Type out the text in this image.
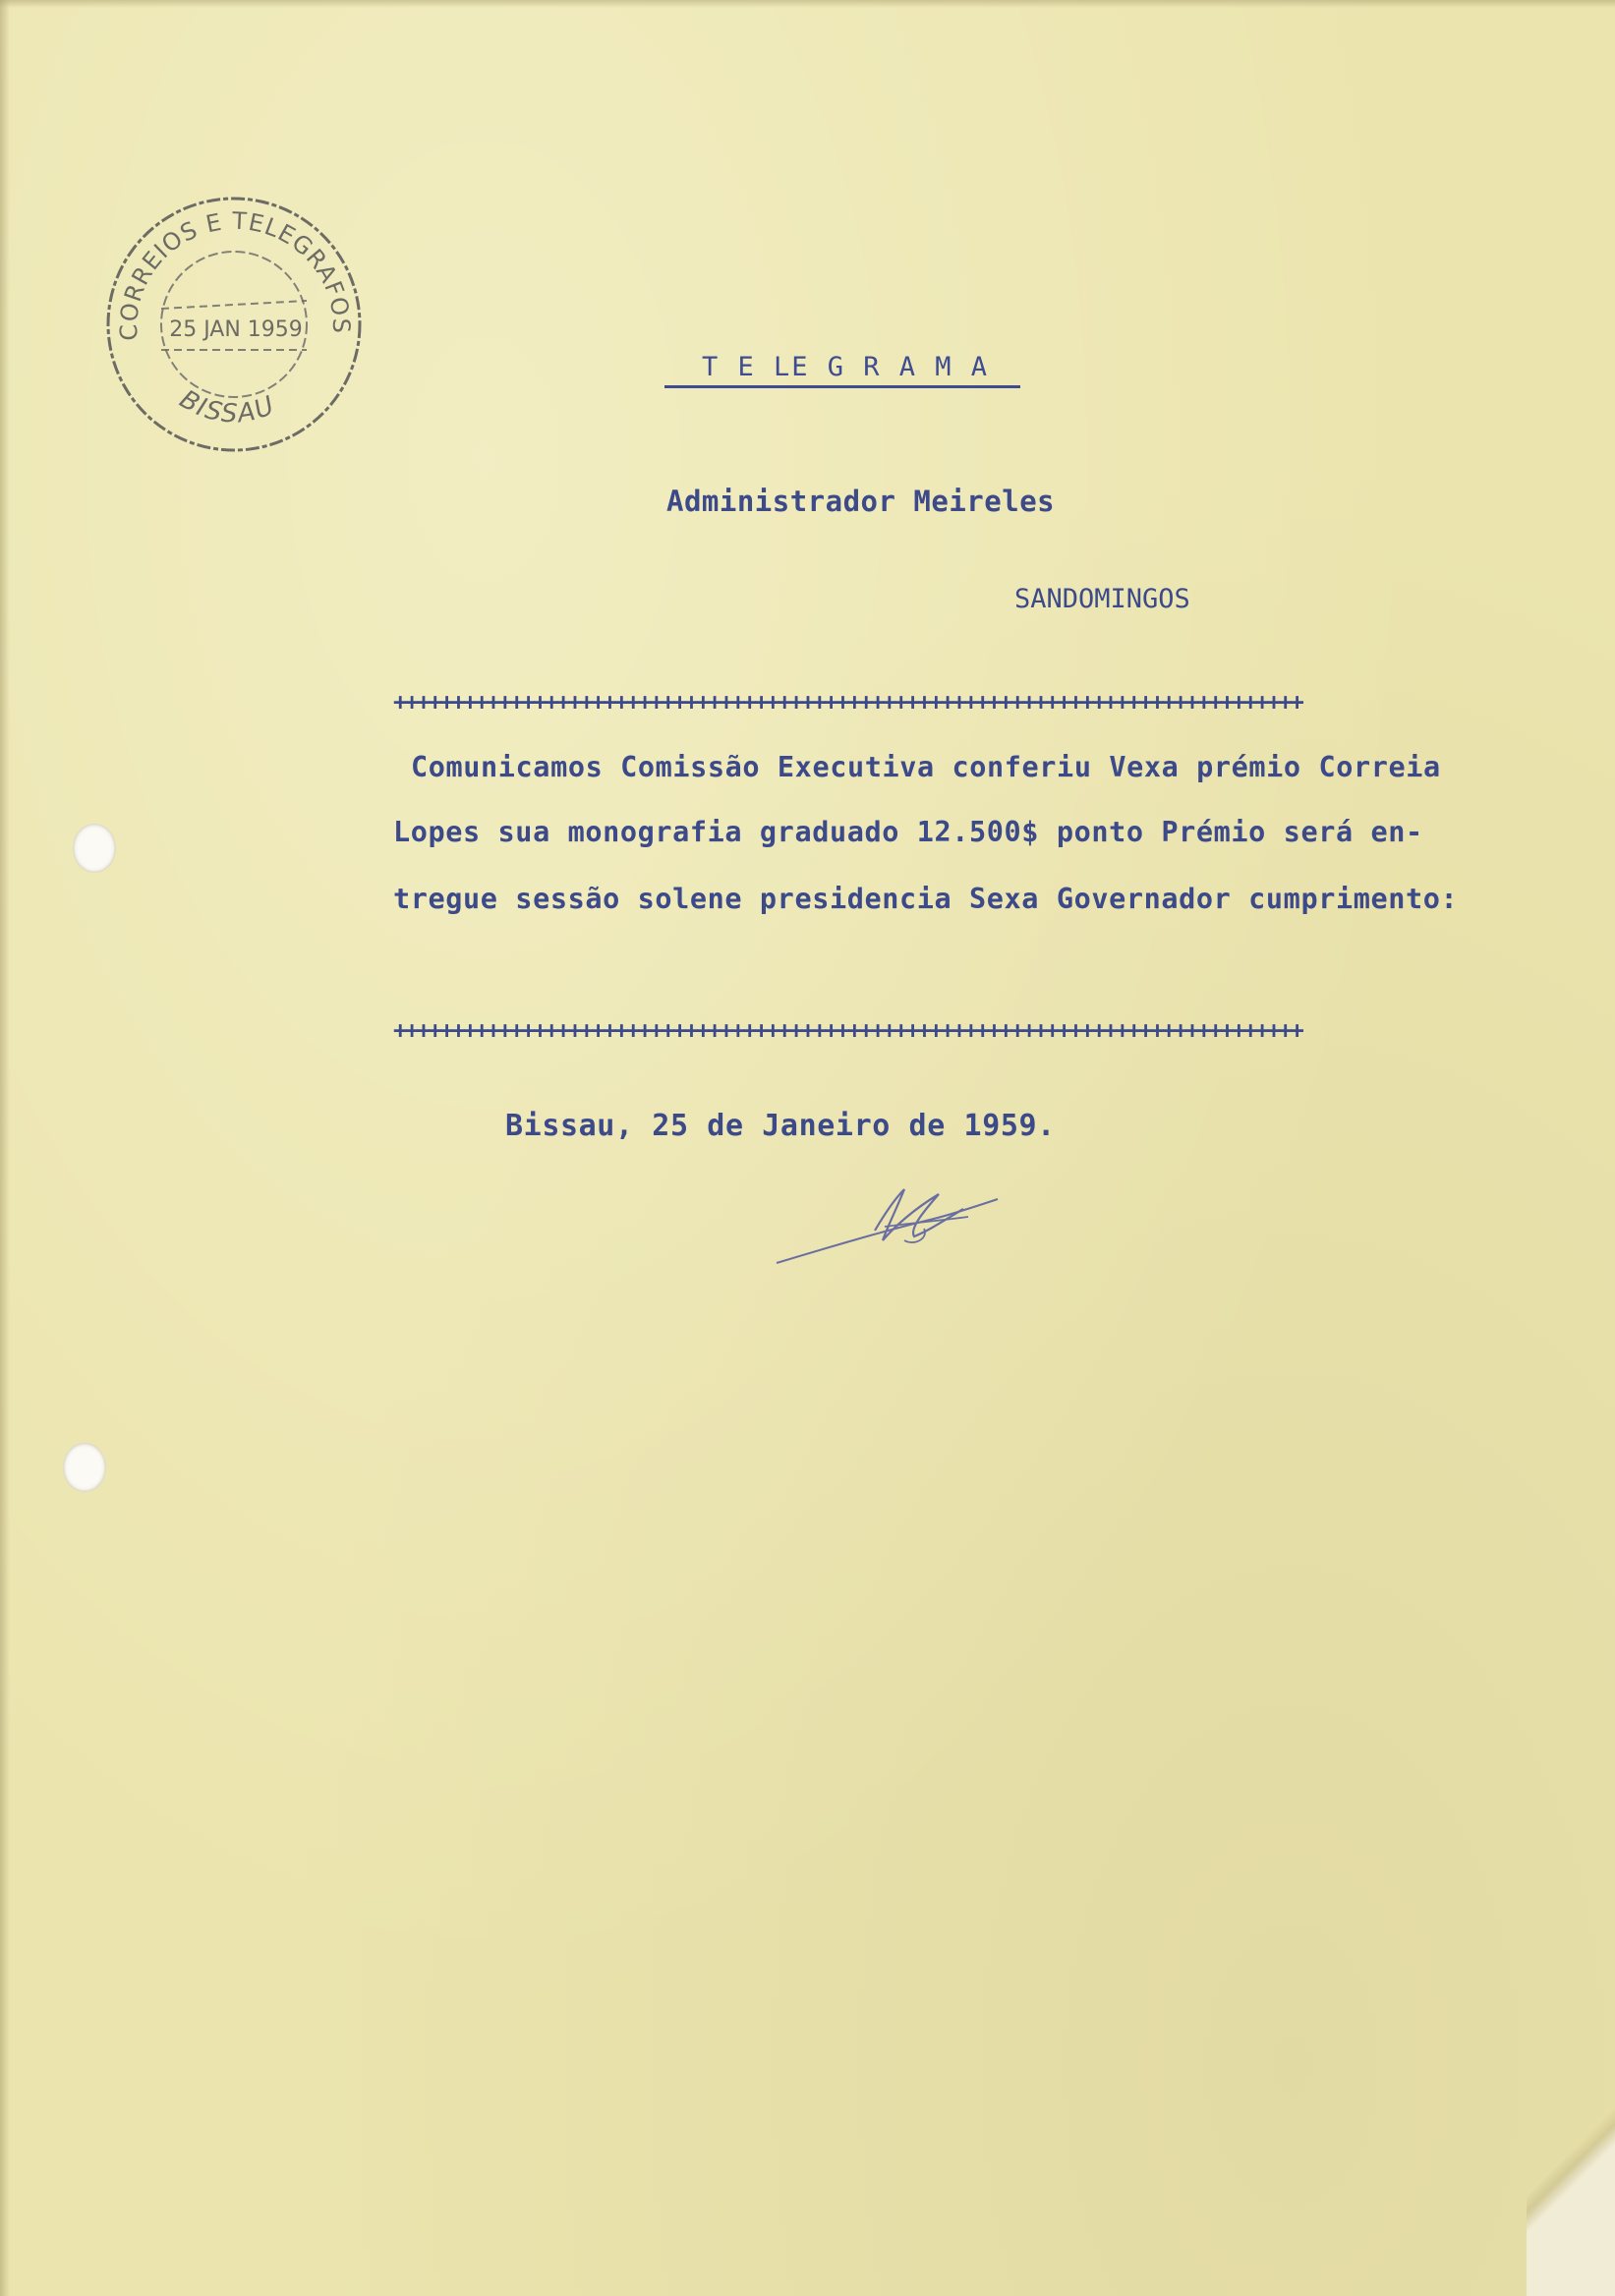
CORREIOS E TELEGRAFOS
BISSAU
25 JAN 1959
T E LE G R A M A
Administrador Meireles
SANDOMINGOS
++++++++++++++++++++++++++++++++++++++++++++++++++++++++++++++++++++++++++++++
Comunicamos Comissão Executiva conferiu Vexa prémio Correia
Lopes sua monografia graduado 12.500$ ponto Prémio será en-
tregue sessão solene presidencia Sexa Governador cumprimento:
++++++++++++++++++++++++++++++++++++++++++++++++++++++++++++++++++++++++++++++
Bissau, 25 de Janeiro de 1959.
